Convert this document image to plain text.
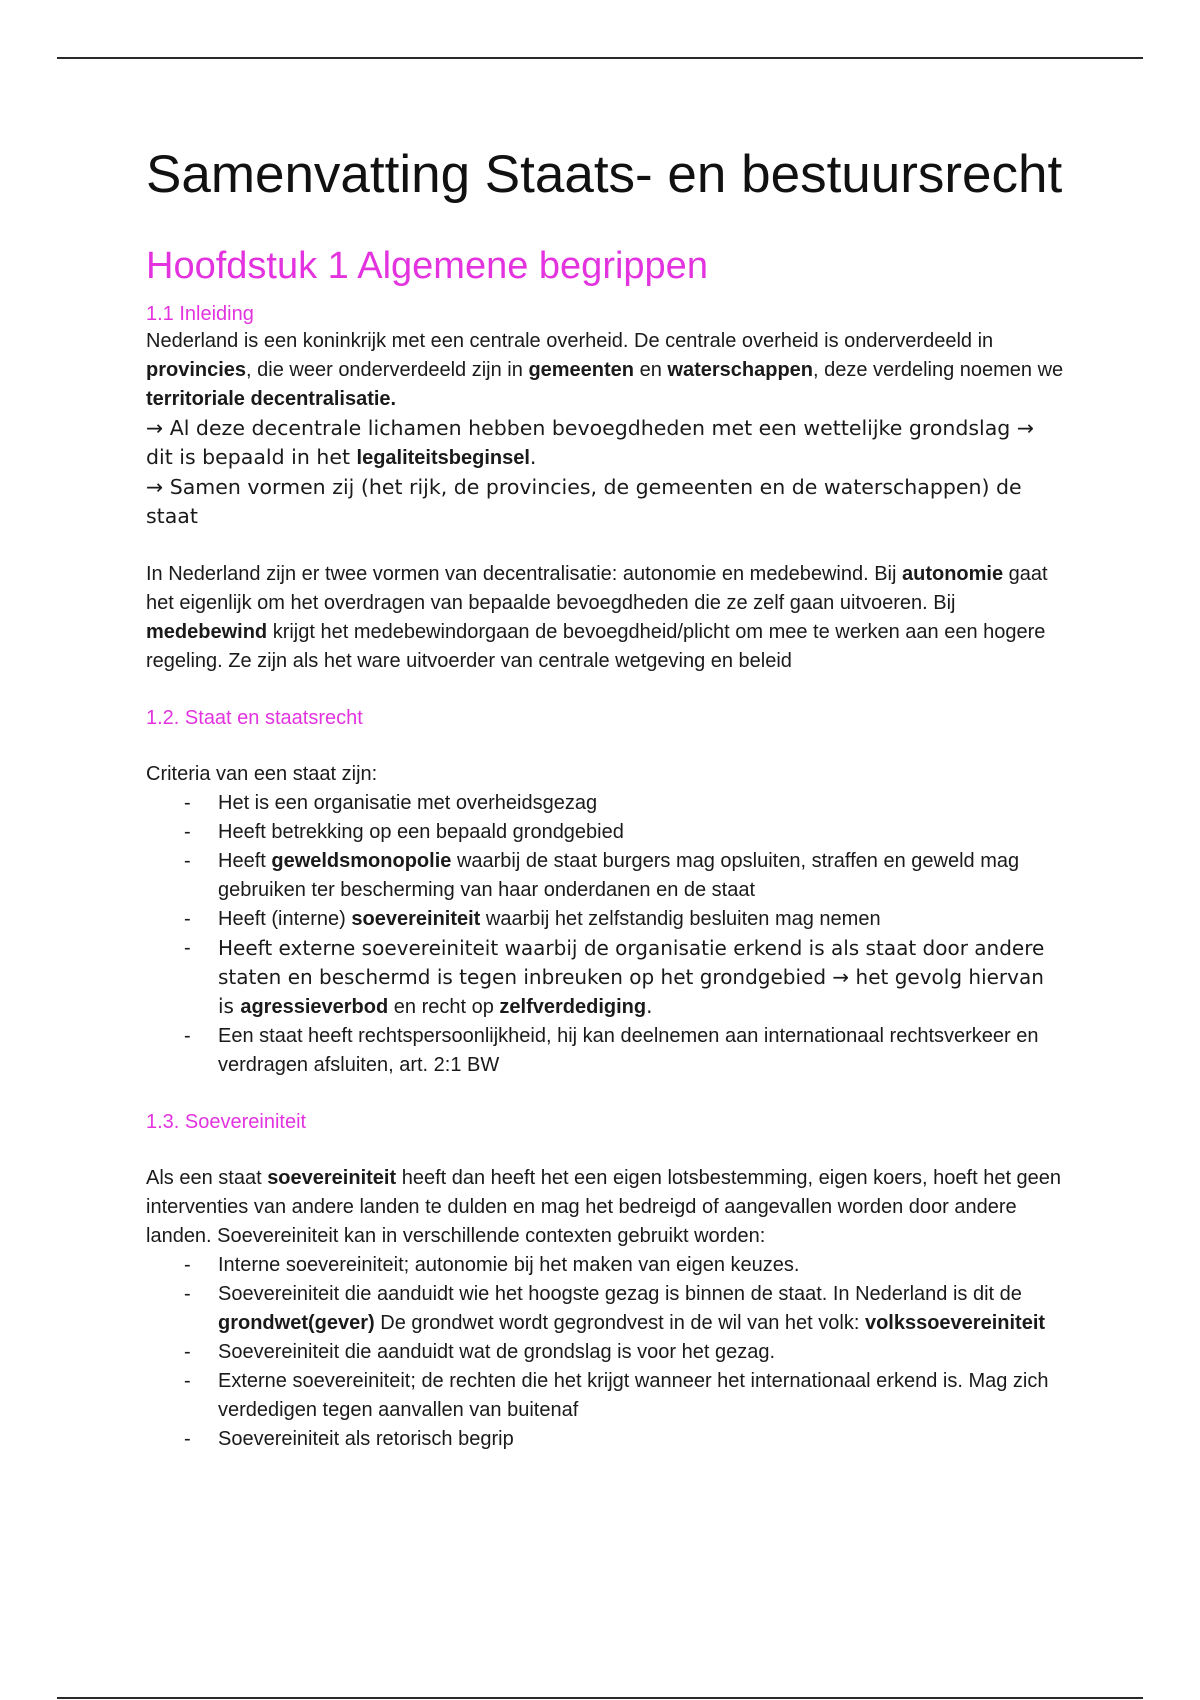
Samenvatting Staats- en bestuursrecht
Hoofdstuk 1 Algemene begrippen
1.1 Inleiding

Nederland is een koninkrijk met een centrale overheid. De centrale overheid is onderverdeeld in provincies, die weer onderverdeeld zijn in gemeenten en waterschappen, deze verdeling noemen we territoriale decentralisatie.

→ Al deze decentrale lichamen hebben bevoegdheden met een wettelijke grondslag → dit is bepaald in het legaliteitsbeginsel.

→ Samen vormen zij (het rijk, de provincies, de gemeenten en de waterschappen) de staat

In Nederland zijn er twee vormen van decentralisatie: autonomie en medebewind. Bij autonomie gaat het eigenlijk om het overdragen van bepaalde bevoegdheden die ze zelf gaan uitvoeren. Bij medebewind krijgt het medebewindorgaan de bevoegdheid/plicht om mee te werken aan een hogere regeling. Ze zijn als het ware uitvoerder van centrale wetgeving en beleid

1.2. Staat en staatsrecht

Criteria van een staat zijn:

- Het is een organisatie met overheidsgezag
- Heeft betrekking op een bepaald grondgebied
- Heeft geweldsmonopolie waarbij de staat burgers mag opsluiten, straffen en geweld mag gebruiken ter bescherming van haar onderdanen en de staat
- Heeft (interne) soevereiniteit waarbij het zelfstandig besluiten mag nemen
- Heeft externe soevereiniteit waarbij de organisatie erkend is als staat door andere staten en beschermd is tegen inbreuken op het grondgebied → het gevolg hiervan is agressieverbod en recht op zelfverdediging.
- Een staat heeft rechtspersoonlijkheid, hij kan deelnemen aan internationaal rechtsverkeer en verdragen afsluiten, art. 2:1 BW
1.3. Soevereiniteit

Als een staat soevereiniteit heeft dan heeft het een eigen lotsbestemming, eigen koers, hoeft het geen interventies van andere landen te dulden en mag het bedreigd of aangevallen worden door andere landen. Soevereiniteit kan in verschillende contexten gebruikt worden:

- Interne soevereiniteit; autonomie bij het maken van eigen keuzes.
- Soevereiniteit die aanduidt wie het hoogste gezag is binnen de staat. In Nederland is dit de grondwet(gever) De grondwet wordt gegrondvest in de wil van het volk: volkssoevereiniteit
- Soevereiniteit die aanduidt wat de grondslag is voor het gezag.
- Externe soevereiniteit; de rechten die het krijgt wanneer het internationaal erkend is. Mag zich verdedigen tegen aanvallen van buitenaf
- Soevereiniteit als retorisch begrip
